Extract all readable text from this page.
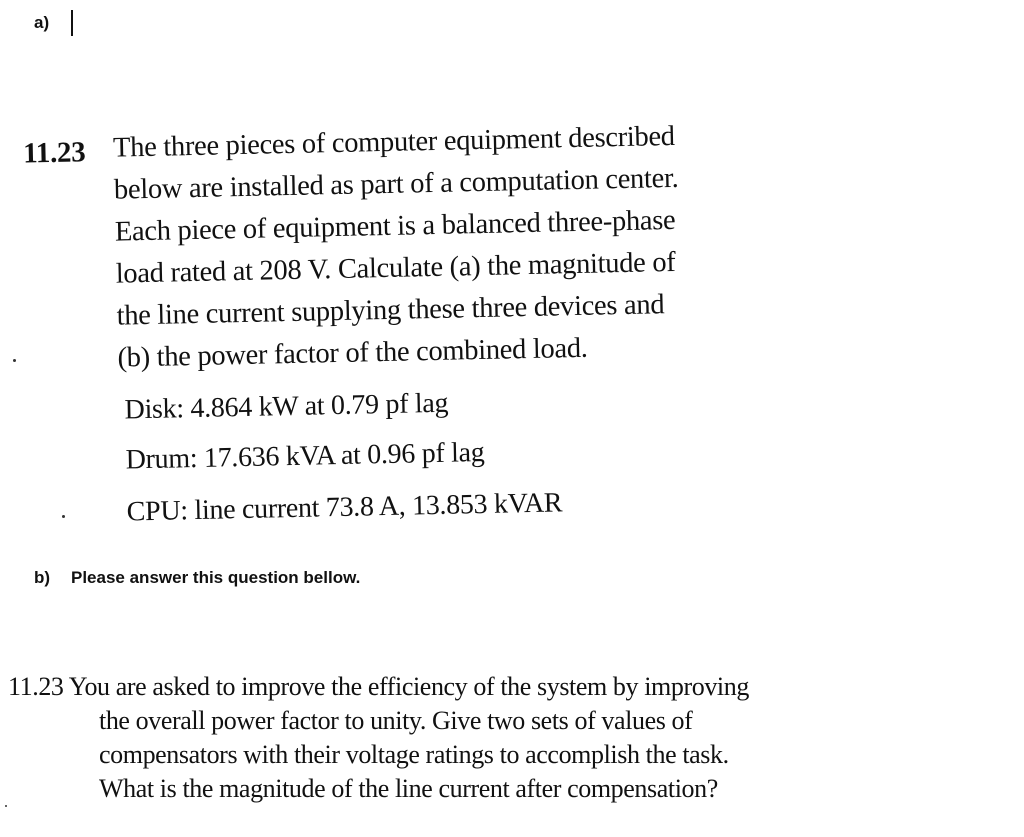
a)
11.23 The three pieces of computer equipment described
below are installed as part of a computation center.
Each piece of equipment is a balanced three-phase
load rated at 208 V. Calculate (a) the magnitude of
the line current supplying these three devices and
(b) the power factor of the combined load.
Disk: 4.864 kW at 0.79 pf lag
Drum: 17.636 kVA at 0.96 pf lag
CPU: line current 73.8 A, 13.853 kVAR
b) Please answer this question bellow.
11.23 You are asked to improve the efficiency of the system by improving
the overall power factor to unity. Give two sets of values of
compensators with their voltage ratings to accomplish the task.
What is the magnitude of the line current after compensation?
